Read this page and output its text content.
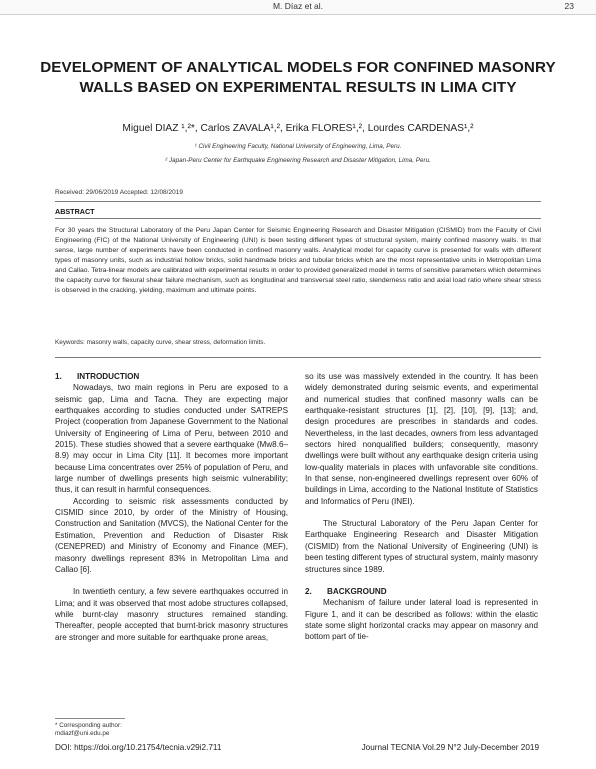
M. Díaz et al.	23
DEVELOPMENT OF ANALYTICAL MODELS FOR CONFINED MASONRY WALLS BASED ON EXPERIMENTAL RESULTS IN LIMA CITY
Miguel DIAZ ¹,²*, Carlos ZAVALA¹,², Erika FLORES¹,², Lourdes CARDENAS¹,²
¹ Civil Engineering Faculty, National University of Engineering, Lima, Peru.
² Japan-Peru Center for Earthquake Engineering Research and Disaster Mitigation, Lima, Peru.
Received: 29/06/2019 Accepted: 12/08/2019
ABSTRACT
For 30 years the Structural Laboratory of the Peru Japan Center for Seismic Engineering Research and Disaster Mitigation (CISMID) from the Faculty of Civil Engineering (FIC) of the National University of Engineering (UNI) is been testing different types of structural system, mainly confined masonry walls. In that sense, large number of experiments have been conducted in confined masonry walls. Analytical model for capacity curve is presented for walls with different types of masonry units, such as industrial hollow bricks, solid handmade bricks and tubular bricks which are the most representative units in Metropolitan Lima and Callao. Tetra-linear models are calibrated with experimental results in order to provided generalized model in terms of sensitive parameters which determines the capacity curve for flexural shear failure mechanism, such as longitudinal and transversal steel ratio, slenderness ratio and axial load ratio where shear stress is observed in the cracking, yielding, maximum and ultimate points.
Keywords: masonry walls, capacity curve, shear stress, deformation limits.

1. INTRODUCTION

Nowadays, two main regions in Peru are exposed to a seismic gap, Lima and Tacna. They are expecting major earthquakes according to studies conducted under SATREPS Project (cooperation from Japanese Government to the National University of Engineering of Lima of Peru, between 2010 and 2015). These studies showed that a severe earthquake (Mw8.6–8.9) may occur in Lima City [11]. It becomes more important because Lima concentrates over 25% of population of Peru, and large number of dwellings presents high seismic vulnerability; thus, it can result in harmful consequences.

According to seismic risk assessments conducted by CISMID since 2010, by order of the Ministry of Housing, Construction and Sanitation (MVCS), the National Center for the Estimation, Prevention and Reduction of Disaster Risk (CENEPRED) and Ministry of Economy and Finance (MEF), masonry dwellings represent 83% in Metropolitan Lima and Callao [6].

In twentieth century, a few severe earthquakes occurred in Lima; and it was observed that most adobe structures collapsed, while burnt-clay masonry structures remained standing. Thereafter, people accepted that burnt-brick masonry structures are stronger and more suitable for earthquake prone areas,

so its use was massively extended in the country. It has been widely demonstrated during seismic events, and experimental and numerical studies that confined masonry walls can be earthquake-resistant structures [1], [2], [10], [9], [13]; and, design procedures are prescribes in standards and codes. Nevertheless, in the last decades, owners from less advantaged sectors hired nonqualified builders; consequently, masonry dwellings were built without any earthquake design criteria using low-quality materials in places with unfavorable site conditions. In that sense, non-engineered dwellings represent over 60% of buildings in Lima, according to the National Institute of Statistics and Informatics of Peru (INEI).

The Structural Laboratory of the Peru Japan Center for Earthquake Engineering Research and Disaster Mitigation (CISMID) from the National University of Engineering (UNI) is been testing different types of structural system, mainly masonry structures since 1989.

2. BACKGROUND

Mechanism of failure under lateral load is represented in Figure 1, and it can be described as follows: within the elastic state some slight horizontal cracks may appear on masonry and bottom part of tie-

* Corresponding author:
mdiazf@uni.edu.pe
DOI: https://doi.org/10.21754/tecnia.v29i2.711	Journal TECNIA Vol.29 N°2 July-December 2019
